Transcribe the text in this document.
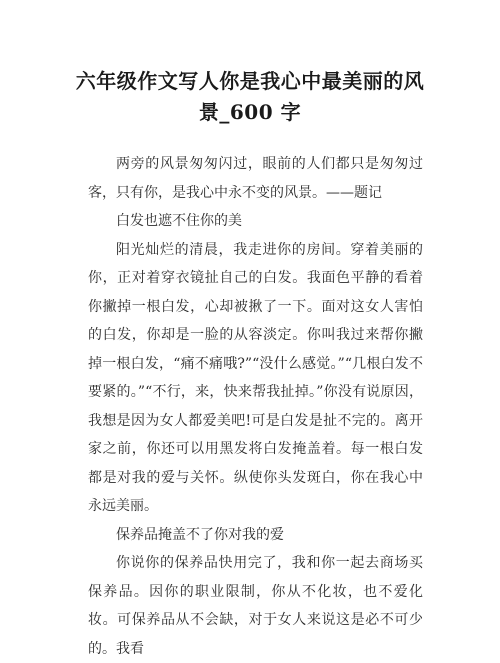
六年级作文写人你是我心中最美丽的风
景_600 字

两旁的风景匆匆闪过，眼前的人们都只是匆匆过客，只有你，是我心中永不变的风景。——题记

白发也遮不住你的美

阳光灿烂的清晨，我走进你的房间。穿着美丽的你，正对着穿衣镜扯自己的白发。我面色平静的看着你撇掉一根白发，心却被揪了一下。面对这女人害怕的白发，你却是一脸的从容淡定。你叫我过来帮你撇掉一根白发，“痛不痛哦?”“没什么感觉。”“几根白发不要紧的。”“不行，来，快来帮我扯掉。”你没有说原因，我想是因为女人都爱美吧!可是白发是扯不完的。离开家之前，你还可以用黑发将白发掩盖着。每一根白发都是对我的爱与关怀。纵使你头发斑白，你在我心中永远美丽。

保养品掩盖不了你对我的爱

你说你的保养品快用完了，我和你一起去商场买保养品。因你的职业限制，你从不化妆，也不爱化妆。可保养品从不会缺，对于女人来说这是必不可少的。我看
